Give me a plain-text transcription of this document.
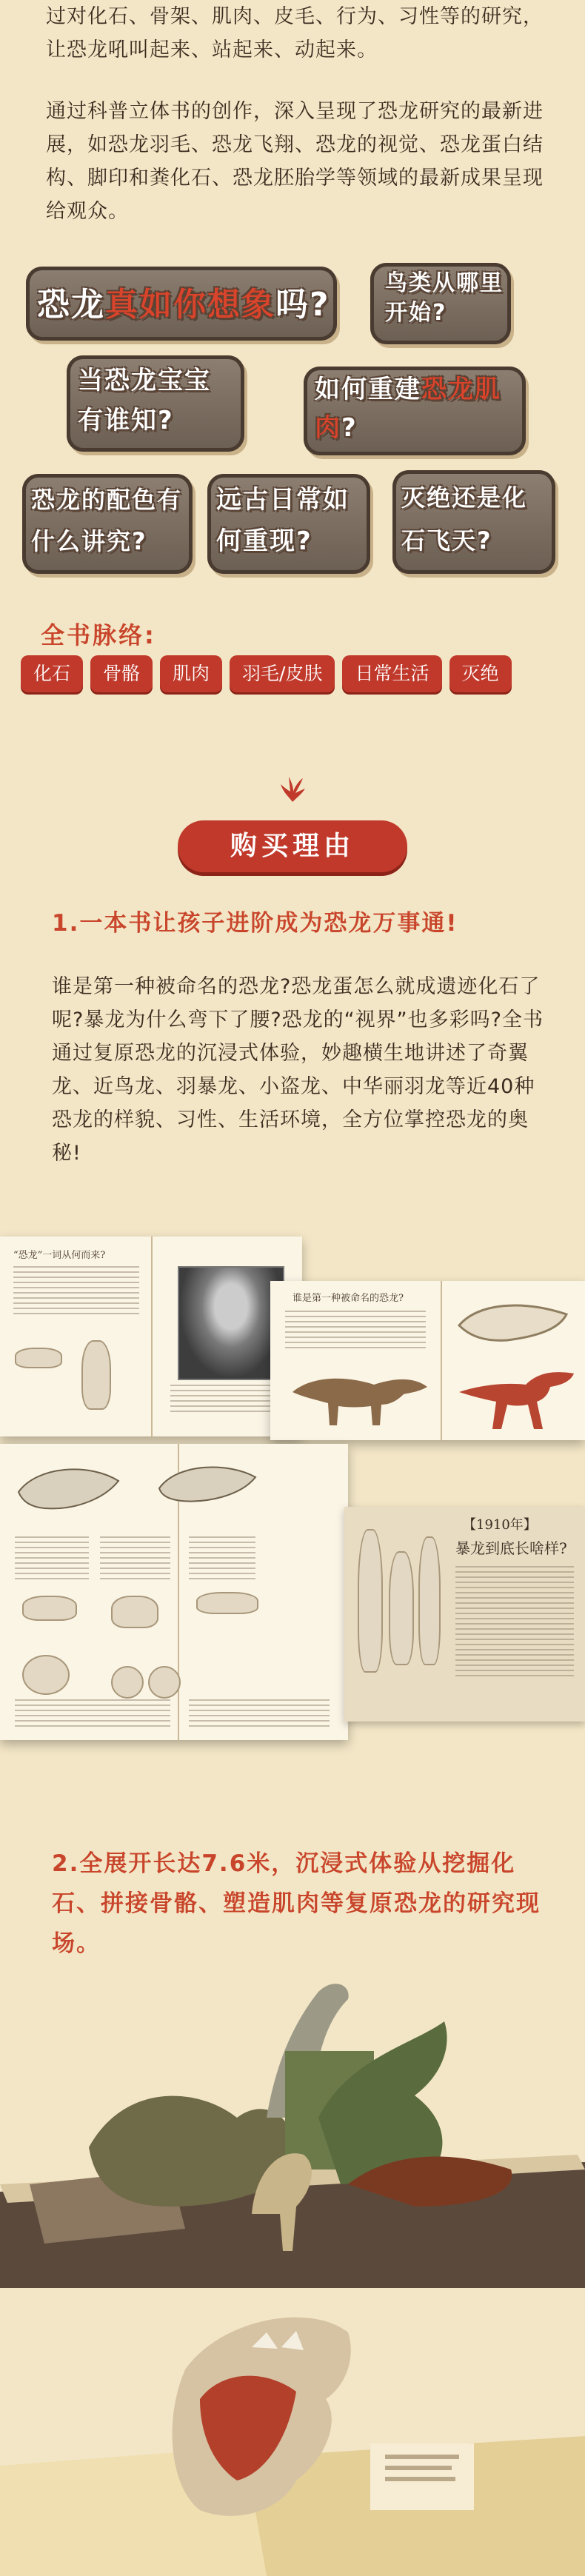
过对化石、骨架、肌肉、皮毛、行为、习性等的研究，让恐龙吼叫起来、站起来、动起来。

通过科普立体书的创作，深入呈现了恐龙研究的最新进展，如恐龙羽毛、恐龙飞翔、恐龙的视觉、恐龙蛋白结构、脚印和粪化石、恐龙胚胎学等领域的最新成果呈现给观众。

恐龙真如你想象吗?
鸟类从哪里开始?
当恐龙宝宝有谁知?
如何重建恐龙肌肉?
恐龙的配色有什么讲究?
远古日常如何重现?
灭绝还是化石飞天?
全书脉络:
化石	骨骼	肌肉	羽毛/皮肤	日常生活	灭绝
购买理由

1.一本书让孩子进阶成为恐龙万事通!

谁是第一种被命名的恐龙?恐龙蛋怎么就成遗迹化石了呢?暴龙为什么弯下了腰?恐龙的“视界”也多彩吗?全书通过复原恐龙的沉浸式体验，妙趣横生地讲述了奇翼龙、近鸟龙、羽暴龙、小盗龙、中华丽羽龙等近40种恐龙的样貌、习性、生活环境，全方位掌控恐龙的奥秘!

“恐龙”一词从何而来?
谁是第一种被命名的恐龙?
【1910年】
暴龙到底长啥样?

2.全展开长达7.6米，沉浸式体验从挖掘化石、拼接骨骼、塑造肌肉等复原恐龙的研究现场。
